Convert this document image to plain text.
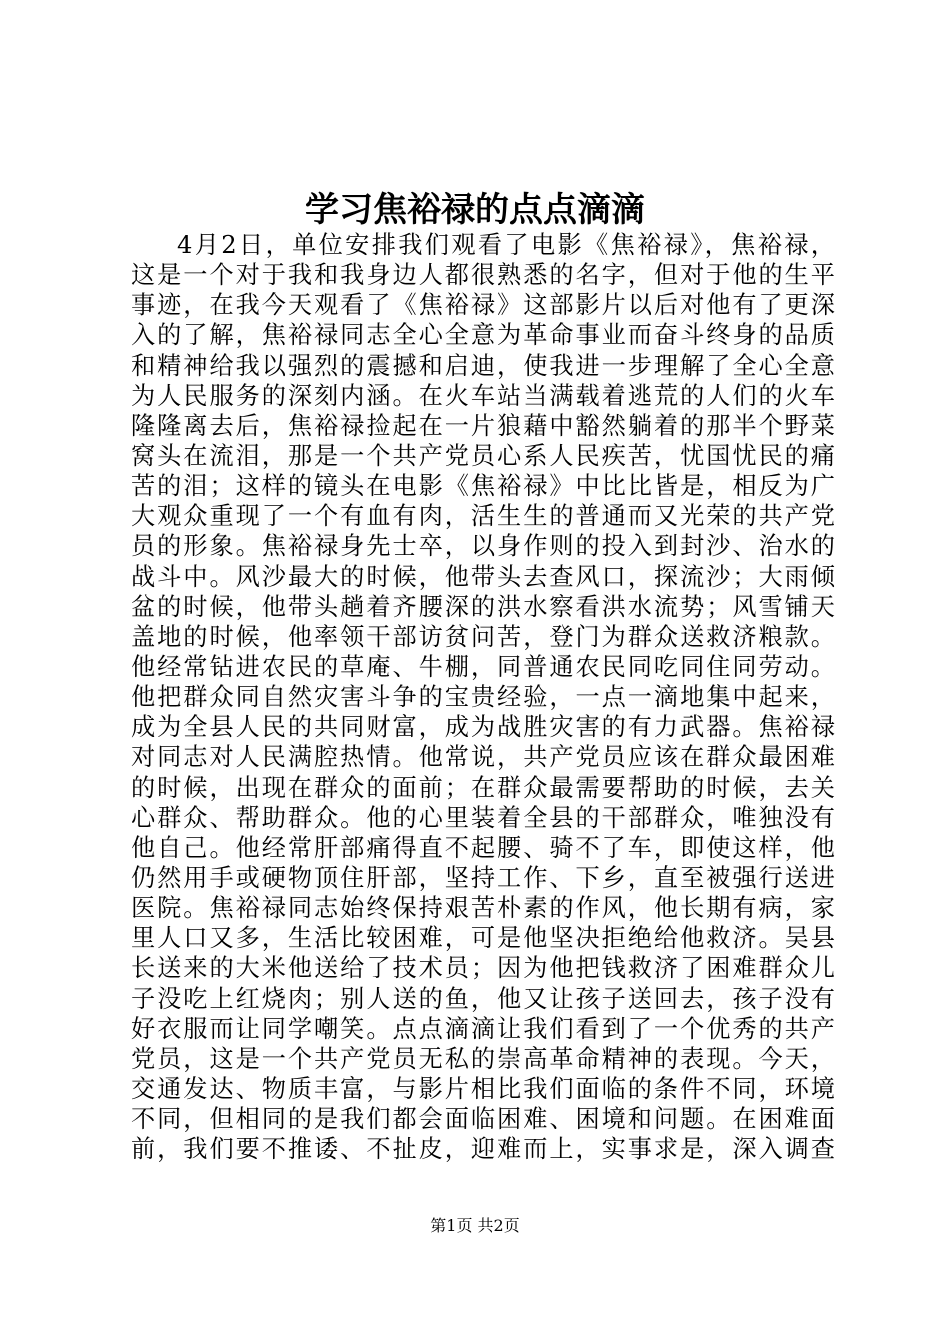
学习焦裕禄的点点滴滴
4月2日，单位安排我们观看了电影《焦裕禄》，焦裕禄，
这是一个对于我和我身边人都很熟悉的名字，但对于他的生平
事迹，在我今天观看了《焦裕禄》这部影片以后对他有了更深
入的了解，焦裕禄同志全心全意为革命事业而奋斗终身的品质
和精神给我以强烈的震撼和启迪，使我进一步理解了全心全意
为人民服务的深刻内涵。在火车站当满载着逃荒的人们的火车
隆隆离去后，焦裕禄捡起在一片狼藉中豁然躺着的那半个野菜
窝头在流泪，那是一个共产党员心系人民疾苦，忧国忧民的痛
苦的泪；这样的镜头在电影《焦裕禄》中比比皆是，相反为广
大观众重现了一个有血有肉，活生生的普通而又光荣的共产党
员的形象。焦裕禄身先士卒，以身作则的投入到封沙、治水的
战斗中。风沙最大的时候，他带头去查风口，探流沙；大雨倾
盆的时候，他带头趟着齐腰深的洪水察看洪水流势；风雪铺天
盖地的时候，他率领干部访贫问苦，登门为群众送救济粮款。
他经常钻进农民的草庵、牛棚，同普通农民同吃同住同劳动。
他把群众同自然灾害斗争的宝贵经验，一点一滴地集中起来，
成为全县人民的共同财富，成为战胜灾害的有力武器。焦裕禄
对同志对人民满腔热情。他常说，共产党员应该在群众最困难
的时候，出现在群众的面前；在群众最需要帮助的时候，去关
心群众、帮助群众。他的心里装着全县的干部群众，唯独没有
他自己。他经常肝部痛得直不起腰、骑不了车，即使这样，他
仍然用手或硬物顶住肝部，坚持工作、下乡，直至被强行送进
医院。焦裕禄同志始终保持艰苦朴素的作风，他长期有病，家
里人口又多，生活比较困难，可是他坚决拒绝给他救济。吴县
长送来的大米他送给了技术员；因为他把钱救济了困难群众儿
子没吃上红烧肉；别人送的鱼，他又让孩子送回去，孩子没有
好衣服而让同学嘲笑。点点滴滴让我们看到了一个优秀的共产
党员，这是一个共产党员无私的崇高革命精神的表现。今天，
交通发达、物质丰富，与影片相比我们面临的条件不同，环境
不同，但相同的是我们都会面临困难、困境和问题。在困难面
前，我们要不推诿、不扯皮，迎难而上，实事求是，深入调查
第1页 共2页
